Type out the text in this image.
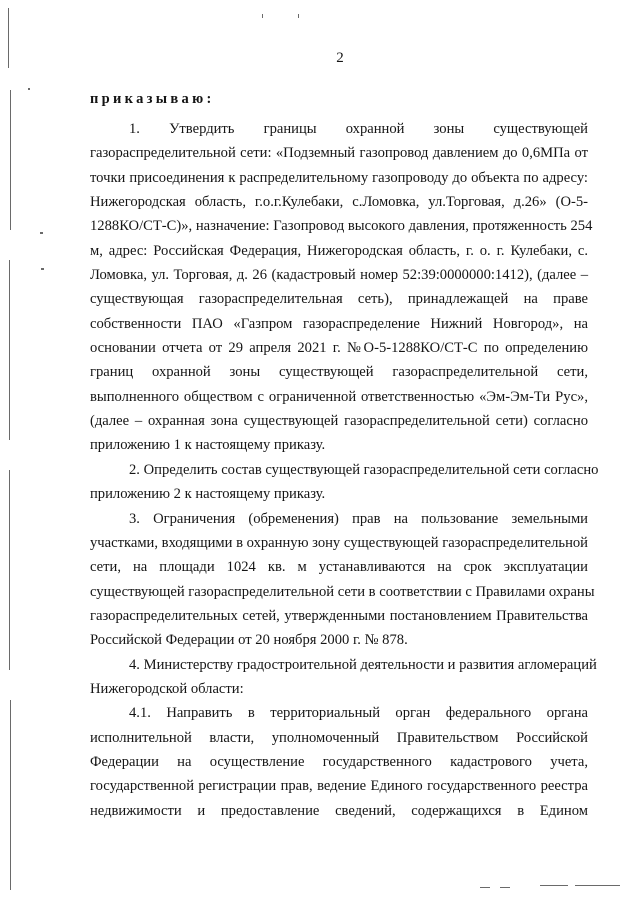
2
приказываю:
1. Утвердить границы охранной зоны существующей
газораспределительной сети: «Подземный газопровод давлением до 0,6МПа от
точки присоединения к распределительному газопроводу до объекта по адресу:
Нижегородская область, г.о.г.Кулебаки, с.Ломовка, ул.Торговая, д.26» (О-5-
1288КО/СТ-С)», назначение: Газопровод высокого давления, протяженность 254
м, адрес: Российская Федерация, Нижегородская область, г. о. г. Кулебаки, с.
Ломовка, ул. Торговая, д. 26 (кадастровый номер 52:39:0000000:1412), (далее –
существующая газораспределительная сеть), принадлежащей на праве
собственности ПАО «Газпром газораспределение Нижний Новгород», на
основании отчета от 29 апреля 2021 г. №О-5-1288КО/СТ-С по определению
границ охранной зоны существующей газораспределительной сети,
выполненного обществом с ограниченной ответственностью «Эм-Эм-Ти Рус»,
(далее – охранная зона существующей газораспределительной сети) согласно
приложению 1 к настоящему приказу.
2. Определить состав существующей газораспределительной сети согласно
приложению 2 к настоящему приказу.
3. Ограничения (обременения) прав на пользование земельными
участками, входящими в охранную зону существующей газораспределительной
сети, на площади 1024 кв. м устанавливаются на срок эксплуатации
существующей газораспределительной сети в соответствии с Правилами охраны
газораспределительных сетей, утвержденными постановлением Правительства
Российской Федерации от 20 ноября 2000 г. № 878.
4. Министерству градостроительной деятельности и развития агломераций
Нижегородской области:
4.1. Направить в территориальный орган федерального органа
исполнительной власти, уполномоченный Правительством Российской
Федерации на осуществление государственного кадастрового учета,
государственной регистрации прав, ведение Единого государственного реестра
недвижимости и предоставление сведений, содержащихся в Едином
